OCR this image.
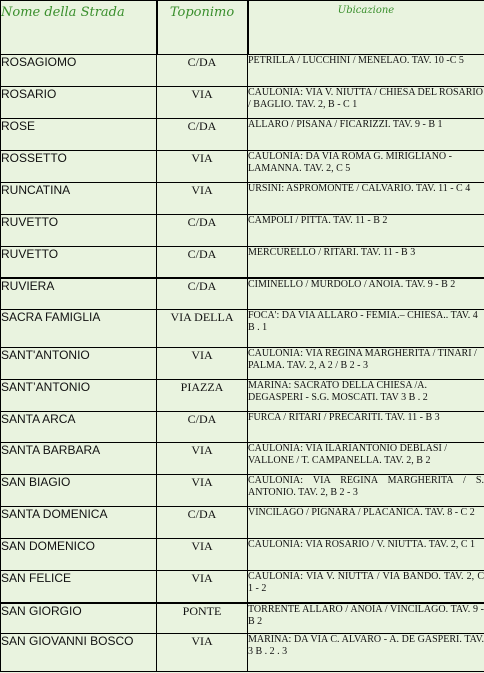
Nome della Strada	Toponimo	Ubicazione
ROSAGIOMO	C/DA	PETRILLA / LUCCHINI / MENELAO. TAV. 10 -C 5
ROSARIO	VIA	CAULONIA: VIA V. NIUTTA / CHIESA DEL ROSARIO / BAGLIO. TAV. 2, B - C 1
ROSE	C/DA	ALLARO / PISANA / FICARIZZI. TAV. 9 - B 1
ROSSETTO	VIA	CAULONIA: DA VIA ROMA G. MIRIGLIANO - LAMANNA. TAV. 2, C 5
RUNCATINA	VIA	URSINI: ASPROMONTE / CALVARIO. TAV. 11 - C 4
RUVETTO	C/DA	CAMPOLI / PITTA. TAV. 11 - B 2
RUVETTO	C/DA	MERCURELLO / RITARI. TAV. 11 - B 3
RUVIERA	C/DA	CIMINELLO / MURDOLO / ANOIA. TAV. 9 - B 2
SACRA FAMIGLIA	VIA DELLA	FOCA': DA VIA ALLARO - FEMIA.– CHIESA.. TAV. 4 B . 1
SANT'ANTONIO	VIA	CAULONIA: VIA REGINA MARGHERITA / TINARI / PALMA. TAV. 2, A 2 / B 2 - 3
SANT’ANTONIO	PIAZZA	MARINA: SACRATO DELLA CHIESA /A. DEGASPERI - S.G. MOSCATI. TAV 3 B . 2
SANTA ARCA	C/DA	FURCA / RITARI / PRECARITI. TAV. 11 - B 3
SANTA BARBARA	VIA	CAULONIA: VIA ILARIANTONIO DEBLASI / VALLONE / T. CAMPANELLA. TAV. 2, B 2
SAN BIAGIO	VIA	CAULONIA: VIA REGINA MARGHERITA / S. ANTONIO. TAV. 2, B 2 - 3
SANTA DOMENICA	C/DA	VINCILAGO / PIGNARA / PLACANICA. TAV. 8 - C 2
SAN DOMENICO	VIA	CAULONIA: VIA ROSARIO / V. NIUTTA. TAV. 2, C 1
SAN FELICE	VIA	CAULONIA: VIA V. NIUTTA / VIA BANDO. TAV. 2, C 1 - 2
SAN GIORGIO	PONTE	TORRENTE ALLARO / ANOIA / VINCILAGO. TAV. 9 - B 2
SAN GIOVANNI BOSCO	VIA	MARINA: DA VIA C. ALVARO - A. DE GASPERI. TAV. 3 B . 2 . 3
